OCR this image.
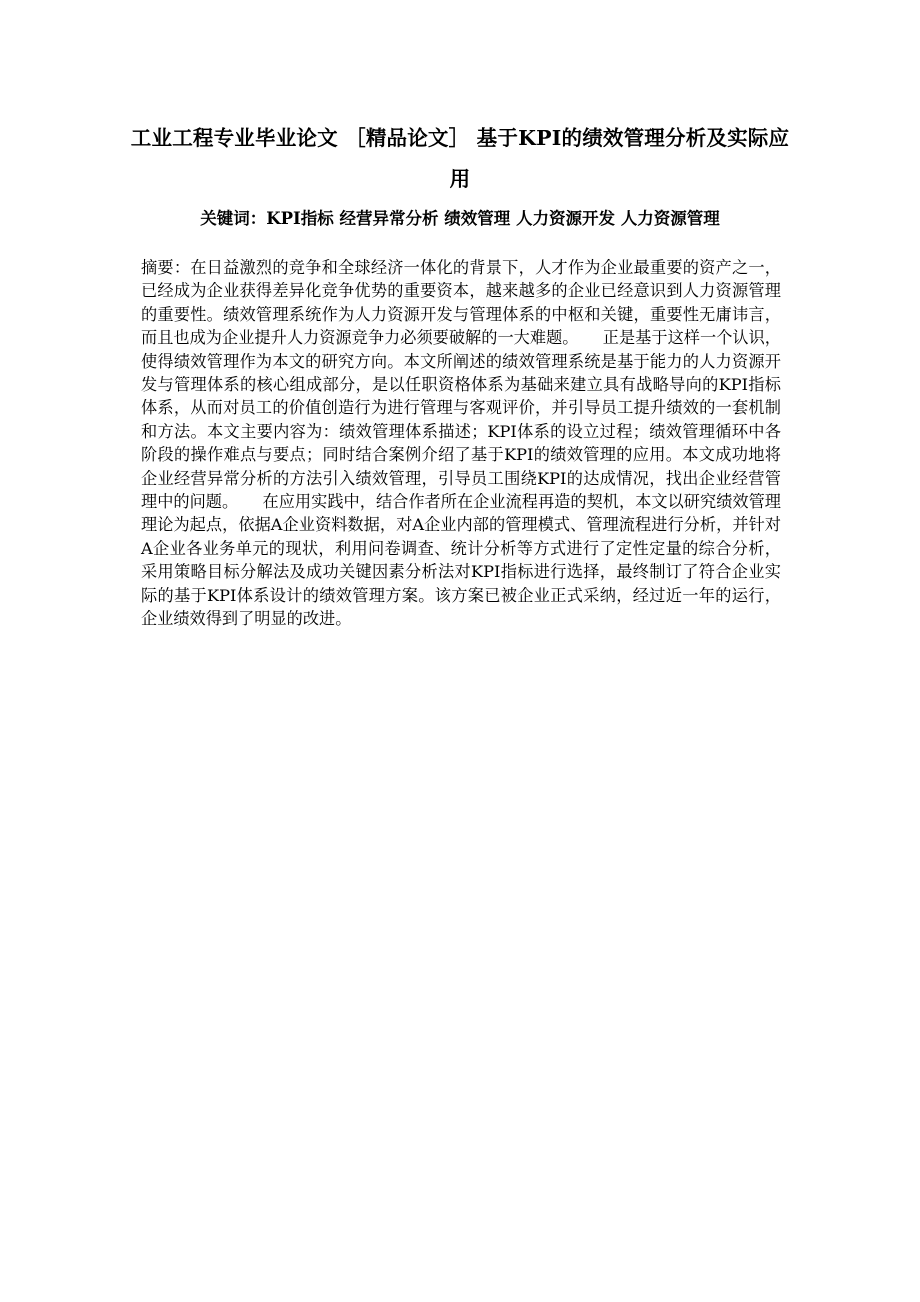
工业工程专业毕业论文 ［精品论文］ 基于KPI的绩效管理分析及实际应用

关键词：KPI指标 经营异常分析 绩效管理 人力资源开发 人力资源管理

摘要：在日益激烈的竞争和全球经济一体化的背景下，人才作为企业最重要的资产之一，已经成为企业获得差异化竞争优势的重要资本，越来越多的企业已经意识到人力资源管理的重要性。绩效管理系统作为人力资源开发与管理体系的中枢和关键，重要性无庸讳言，而且也成为企业提升人力资源竞争力必须要破解的一大难题。　　正是基于这样一个认识，使得绩效管理作为本文的研究方向。本文所阐述的绩效管理系统是基于能力的人力资源开发与管理体系的核心组成部分，是以任职资格体系为基础来建立具有战略导向的KPI指标体系，从而对员工的价值创造行为进行管理与客观评价，并引导员工提升绩效的一套机制和方法。本文主要内容为：绩效管理体系描述；KPI体系的设立过程；绩效管理循环中各阶段的操作难点与要点；同时结合案例介绍了基于KPI的绩效管理的应用。本文成功地将企业经营异常分析的方法引入绩效管理，引导员工围绕KPI的达成情况，找出企业经营管理中的问题。　　在应用实践中，结合作者所在企业流程再造的契机，本文以研究绩效管理理论为起点，依据A企业资料数据，对A企业内部的管理模式、管理流程进行分析，并针对A企业各业务单元的现状，利用问卷调查、统计分析等方式进行了定性定量的综合分析，采用策略目标分解法及成功关键因素分析法对KPI指标进行选择，最终制订了符合企业实际的基于KPI体系设计的绩效管理方案。该方案已被企业正式采纳，经过近一年的运行，企业绩效得到了明显的改进。
